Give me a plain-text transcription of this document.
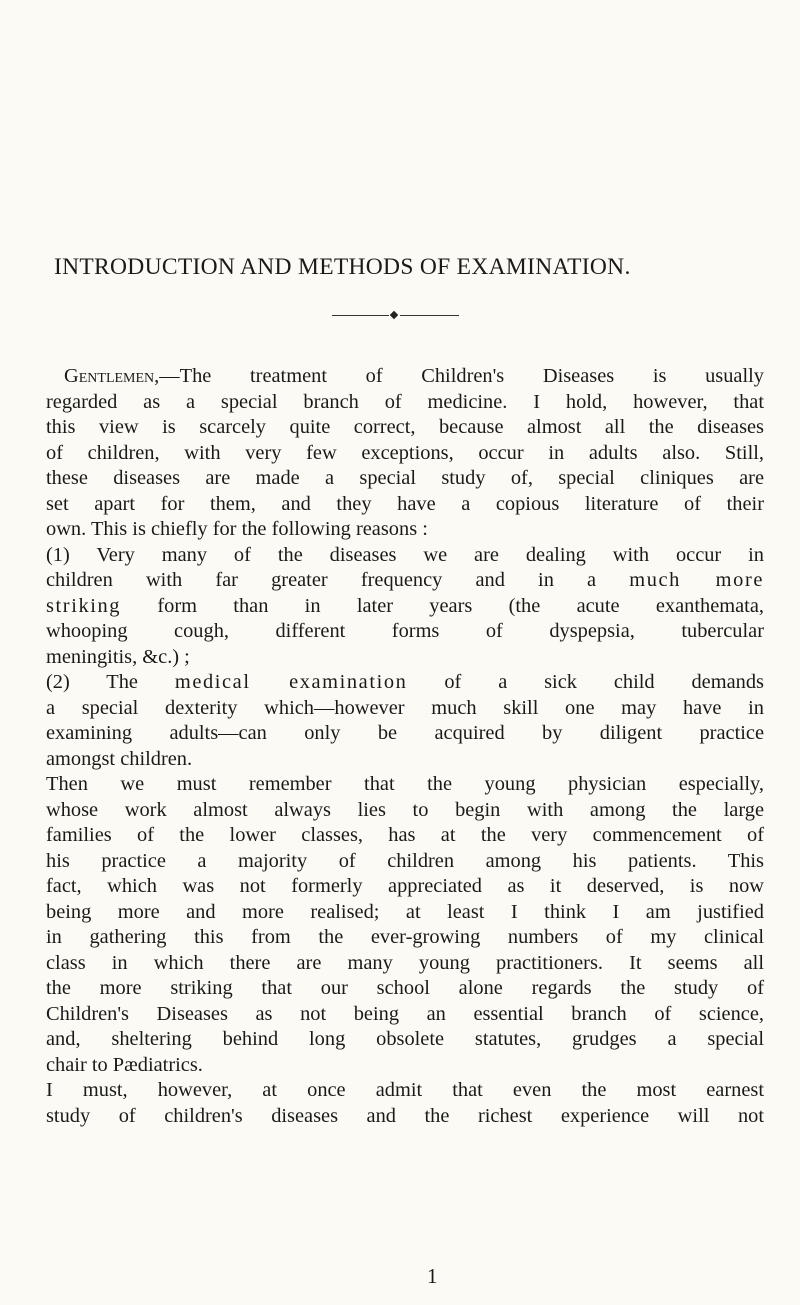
INTRODUCTION AND METHODS OF EXAMINATION.
Gentlemen,—The treatment of Children's Diseases is usually
regarded as a special branch of medicine. I hold, however, that
this view is scarcely quite correct, because almost all the diseases
of children, with very few exceptions, occur in adults also. Still,
these diseases are made a special study of, special cliniques are
set apart for them, and they have a copious literature of their
own. This is chiefly for the following reasons :
(1) Very many of the diseases we are dealing with occur in
children with far greater frequency and in a much more
striking form than in later years (the acute exanthemata,
whooping cough, different forms of dyspepsia, tubercular
meningitis, &c.) ;
(2) The medical examination of a sick child demands
a special dexterity which—however much skill one may have in
examining adults—can only be acquired by diligent practice
amongst children.
Then we must remember that the young physician especially,
whose work almost always lies to begin with among the large
families of the lower classes, has at the very commencement of
his practice a majority of children among his patients. This
fact, which was not formerly appreciated as it deserved, is now
being more and more realised; at least I think I am justified
in gathering this from the ever-growing numbers of my clinical
class in which there are many young practitioners. It seems all
the more striking that our school alone regards the study of
Children's Diseases as not being an essential branch of science,
and, sheltering behind long obsolete statutes, grudges a special
chair to Pædiatrics.
I must, however, at once admit that even the most earnest
study of children's diseases and the richest experience will not
1
